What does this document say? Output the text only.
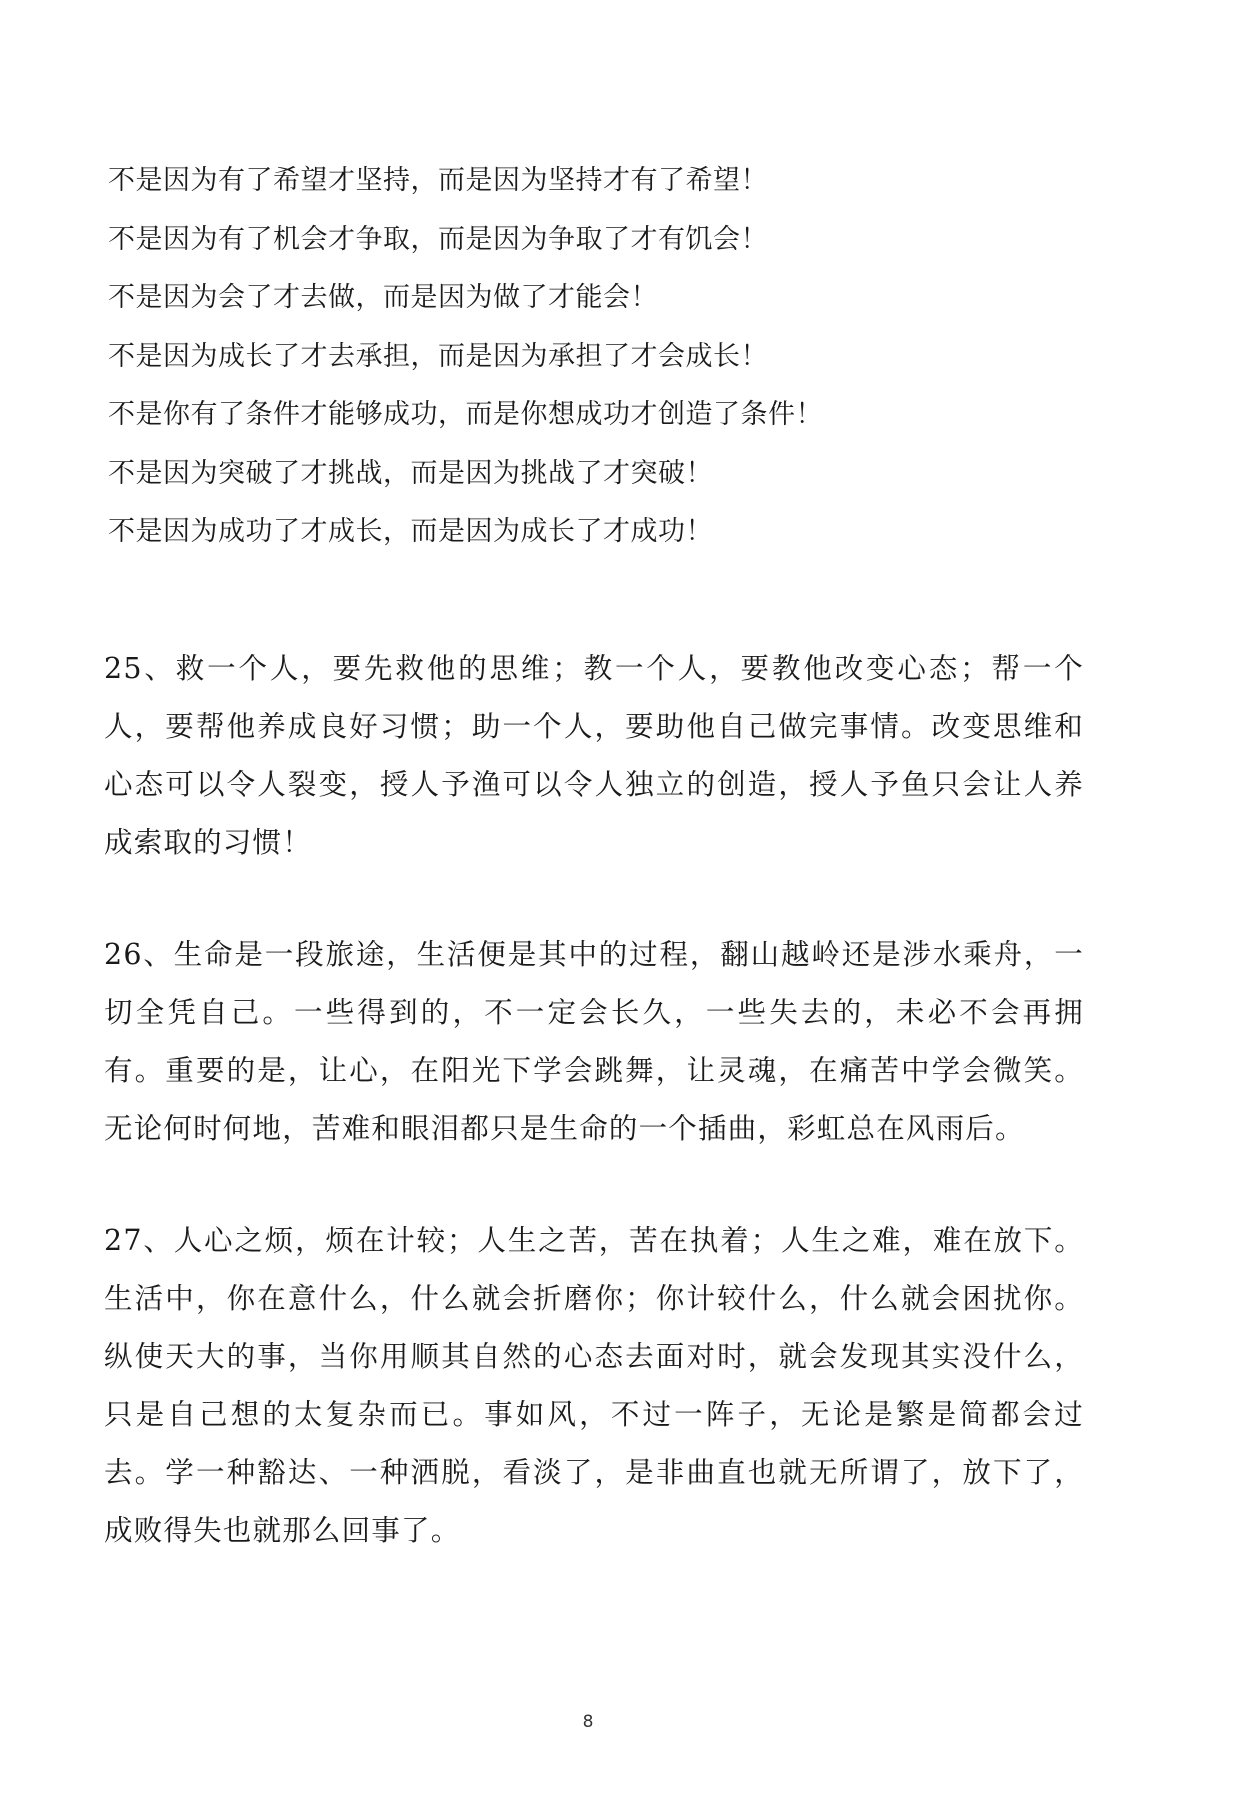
不是因为有了希望才坚持，而是因为坚持才有了希望！
不是因为有了机会才争取，而是因为争取了才有饥会！
不是因为会了才去做，而是因为做了才能会！
不是因为成长了才去承担，而是因为承担了才会成长！
不是你有了条件才能够成功，而是你想成功才创造了条件！
不是因为突破了才挑战，而是因为挑战了才突破！
不是因为成功了才成长，而是因为成长了才成功！

25、救一个人，要先救他的思维；教一个人，要教他改变心态；帮一个人，要帮他养成良好习惯；助一个人，要助他自己做完事情。改变思维和心态可以令人裂变，授人予渔可以令人独立的创造，授人予鱼只会让人养成索取的习惯！

26、生命是一段旅途，生活便是其中的过程，翻山越岭还是涉水乘舟，一切全凭自己。一些得到的，不一定会长久，一些失去的，未必不会再拥有。重要的是，让心，在阳光下学会跳舞，让灵魂，在痛苦中学会微笑。无论何时何地，苦难和眼泪都只是生命的一个插曲，彩虹总在风雨后。

27、人心之烦，烦在计较；人生之苦，苦在执着；人生之难，难在放下。生活中，你在意什么，什么就会折磨你；你计较什么，什么就会困扰你。纵使天大的事，当你用顺其自然的心态去面对时，就会发现其实没什么，只是自己想的太复杂而已。事如风，不过一阵子，无论是繁是简都会过去。学一种豁达、一种洒脱，看淡了，是非曲直也就无所谓了，放下了，成败得失也就那么回事了。

8
